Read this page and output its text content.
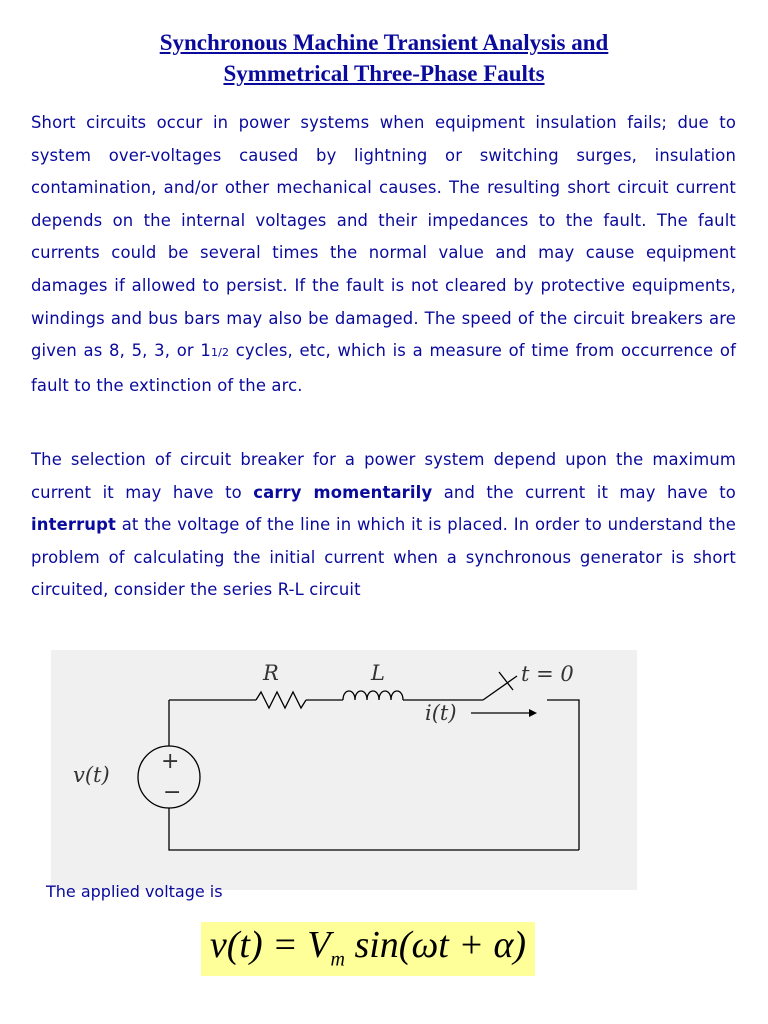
Synchronous Machine Transient Analysis and
Symmetrical Three-Phase Faults

Short circuits occur in power systems when equipment insulation fails; due to system over-voltages caused by lightning or switching surges, insulation contamination, and/or other mechanical causes. The resulting short circuit current depends on the internal voltages and their impedances to the fault. The fault currents could be several times the normal value and may cause equipment damages if allowed to persist. If the fault is not cleared by protective equipments, windings and bus bars may also be damaged. The speed of the circuit breakers are given as 8, 5, 3, or 11/2 cycles, etc, which is a measure of time from occurrence of fault to the extinction of the arc.

The selection of circuit breaker for a power system depend upon the maximum current it may have to carry momentarily and the current it may have to interrupt at the voltage of the line in which it is placed. In order to understand the problem of calculating the initial current when a synchronous generator is short circuited, consider the series R-L circuit

R	L	t = 0
i(t)
v(t)
+
−
The applied voltage is
$v(t) = V_m$ sin(ωt + α)
